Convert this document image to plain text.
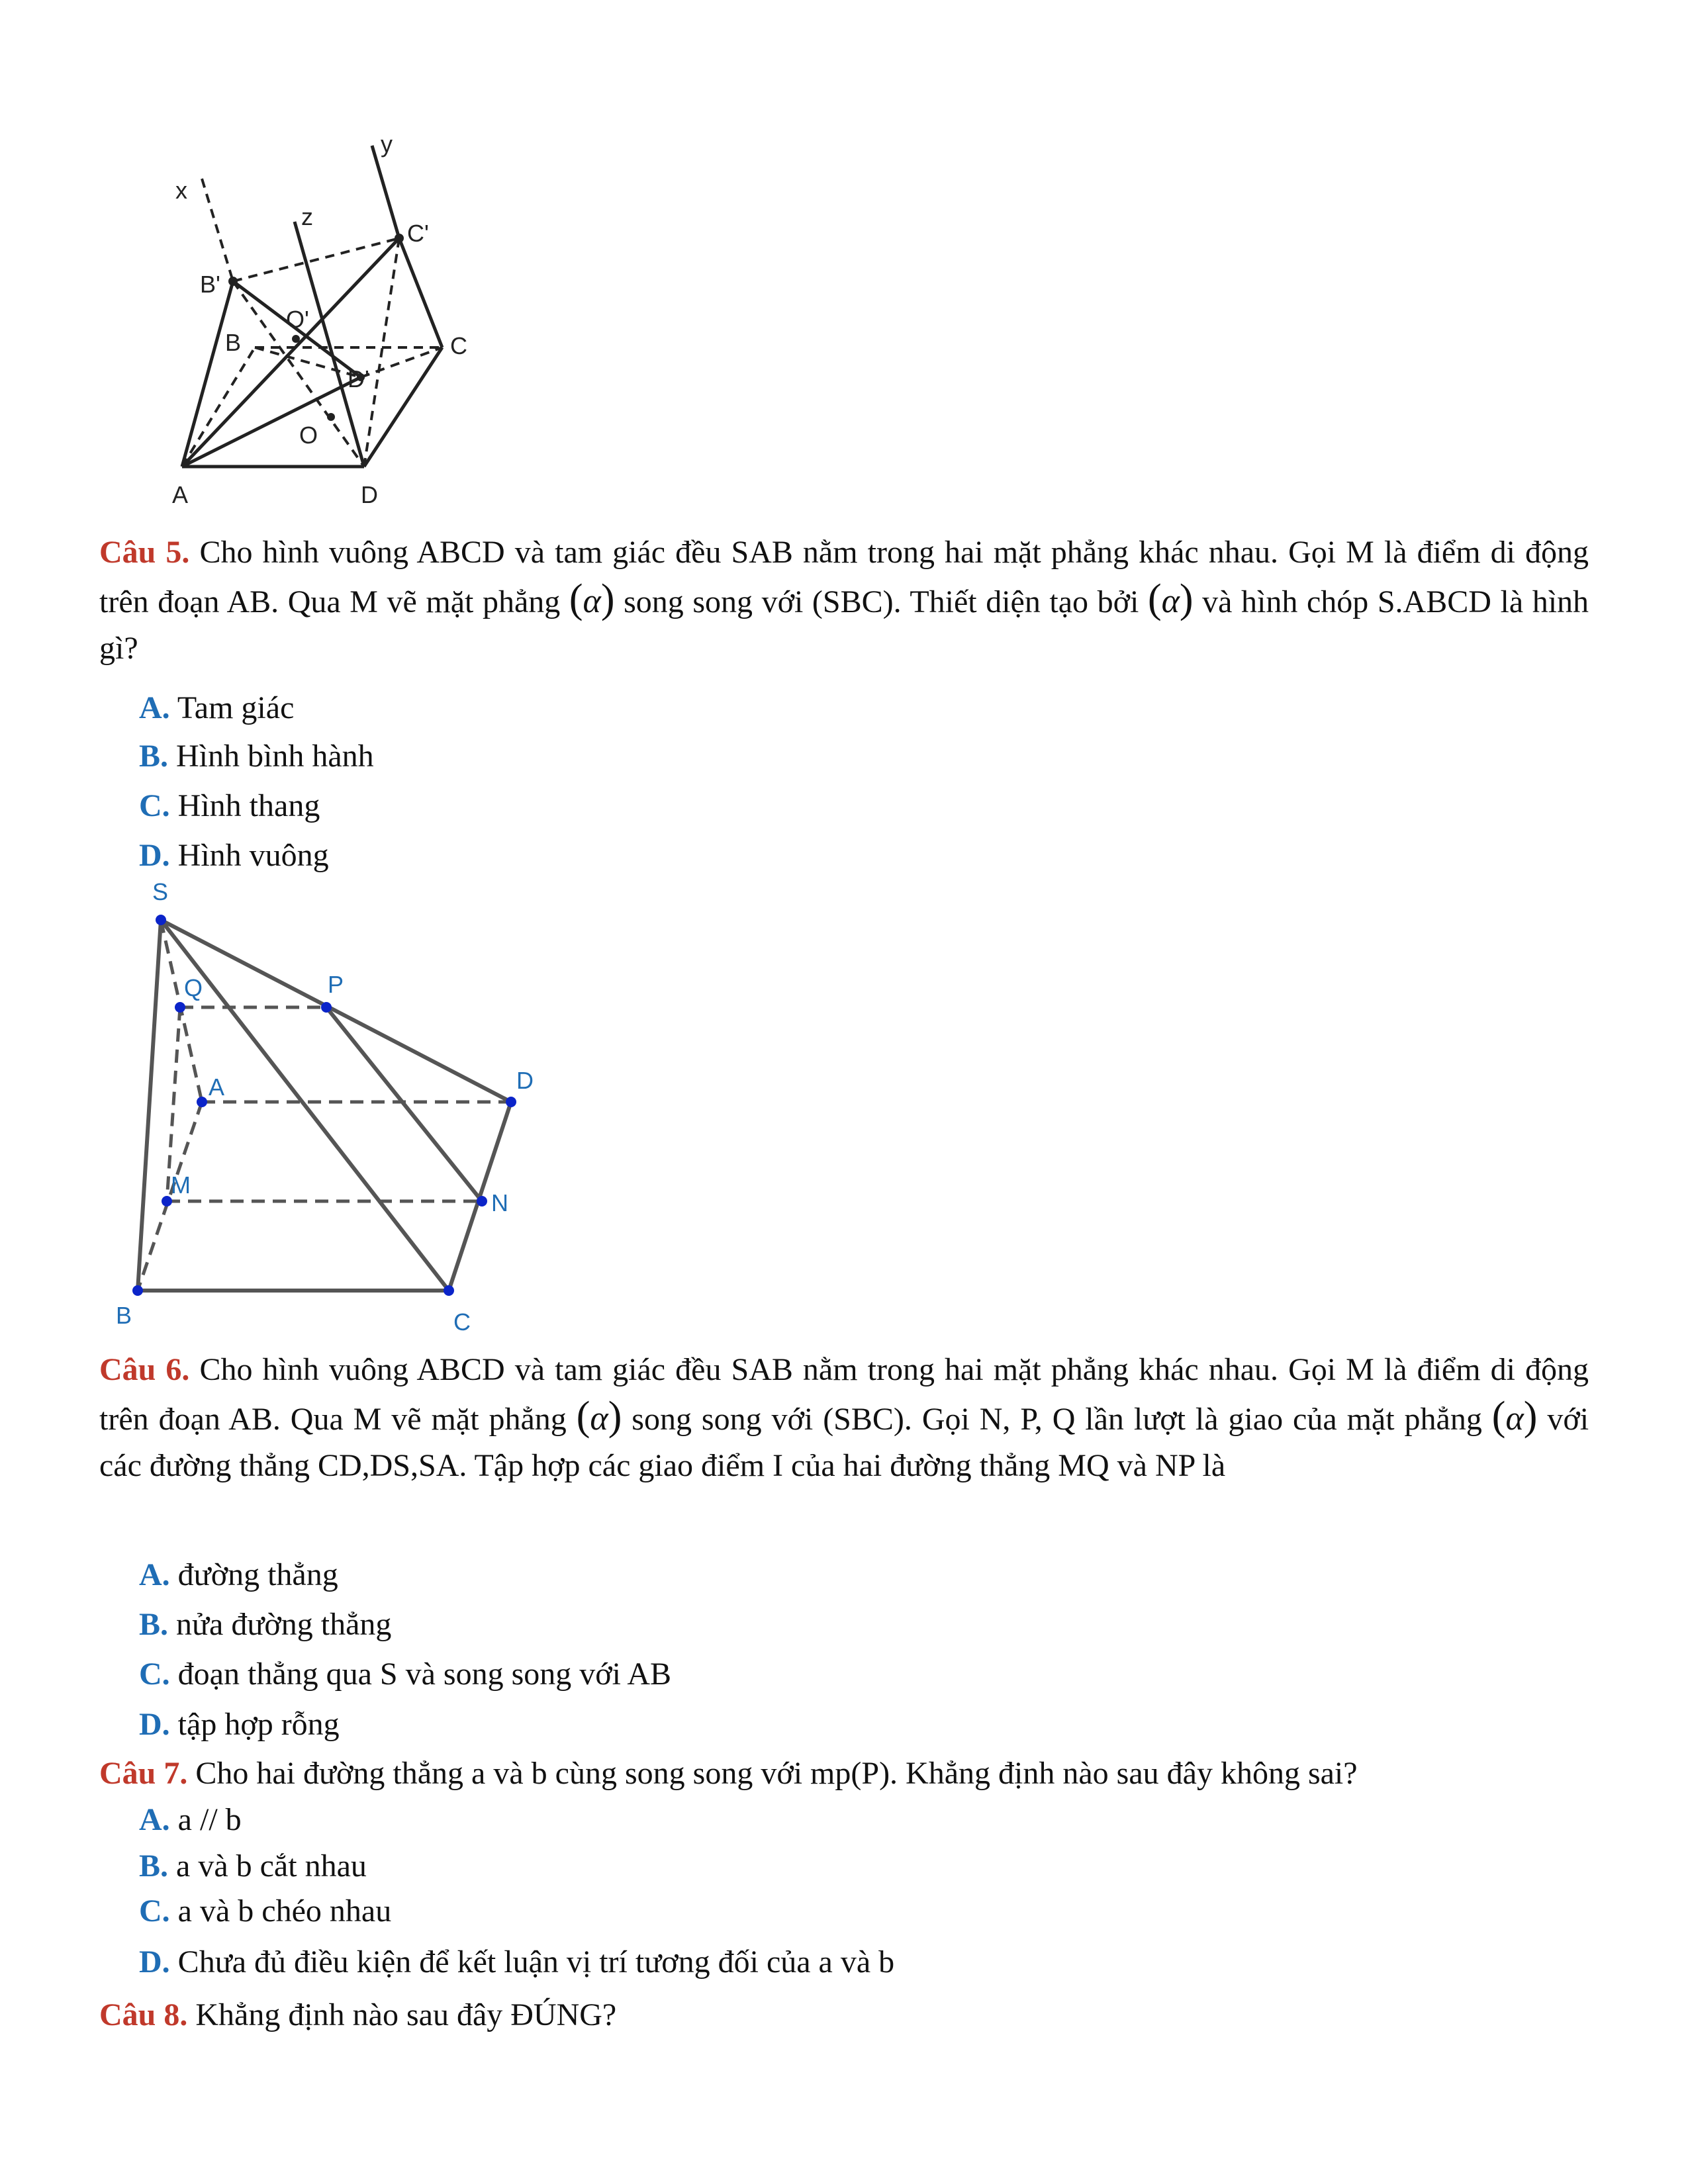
x
y
z
C'
B'
O'
B	C
D'
O
A	D

Câu 5. Cho hình vuông ABCD và tam giác đều SAB nằm trong hai mặt phẳng khác nhau. Gọi M là điểm di động trên đoạn AB. Qua M vẽ mặt phẳng (α) song song với (SBC). Thiết diện tạo bởi (α) và hình chóp S.ABCD là hình gì?

A. Tam giác
B. Hình bình hành
C. Hình thang
D. Hình vuông
S
Q	P
A	D
M
N
B	C

Câu 6. Cho hình vuông ABCD và tam giác đều SAB nằm trong hai mặt phẳng khác nhau. Gọi M là điểm di động trên đoạn AB. Qua M vẽ mặt phẳng (α) song song với (SBC). Gọi N, P, Q lần lượt là giao của mặt phẳng (α) với các đường thẳng CD,DS,SA. Tập hợp các giao điểm I của hai đường thẳng MQ và NP là

A. đường thẳng
B. nửa đường thẳng
C. đoạn thẳng qua S và song song với AB
D. tập hợp rỗng

Câu 7. Cho hai đường thẳng a và b cùng song song với mp(P). Khẳng định nào sau đây không sai?

A. a // b
B. a và b cắt nhau
C. a và b chéo nhau
D. Chưa đủ điều kiện để kết luận vị trí tương đối của a và b

Câu 8. Khẳng định nào sau đây ĐÚNG?
